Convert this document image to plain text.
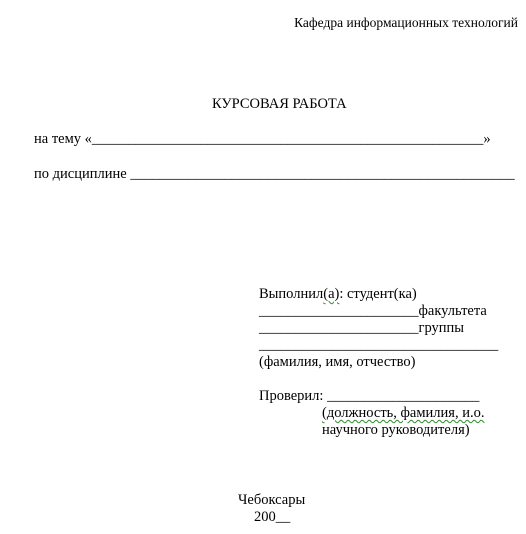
Кафедра информационных технологий
КУРСОВАЯ РАБОТА
на тему «______________________________________________________»
по дисциплине _____________________________________________________
Выполнил(а): студент(ка)
______________________факультета
______________________группы
_________________________________
(фамилия, имя, отчество)
Проверил: _____________________
(должность, фамилия, и.о.
научного руководителя)
Чебоксары
200__
